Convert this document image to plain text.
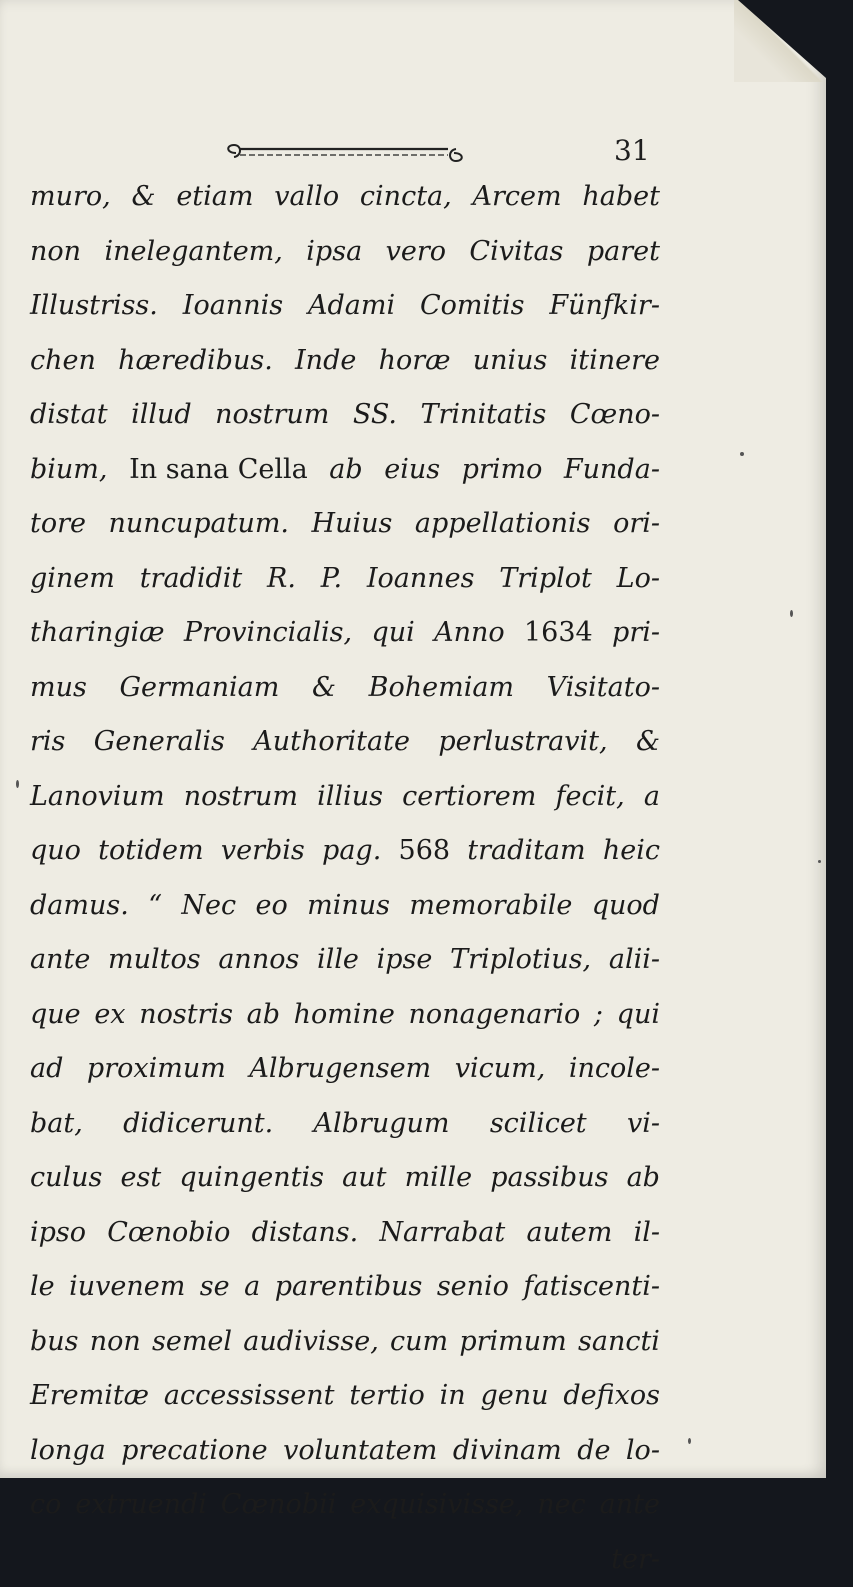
31
muro, & etiam vallo cincta, Arcem habet
non inelegantem, ipsa vero Civitas paret
Illustriss. Ioannis Adami Comitis Fünfkir-
chen hæredibus. Inde horæ unius itinere
distat illud nostrum SS. Trinitatis Cœno-
bium, In sana Cella ab eius primo Funda-
tore nuncupatum. Huius appellationis ori-
ginem tradidit R. P. Ioannes Triplot Lo-
tharingiæ Provincialis, qui Anno 1634 pri-
mus Germaniam & Bohemiam Visitato-
ris Generalis Authoritate perlustravit, &
Lanovium nostrum illius certiorem fecit, a
quo totidem verbis pag. 568 traditam heic
damus. “ Nec eo minus memorabile quod
ante multos annos ille ipse Triplotius, alii-
que ex nostris ab homine nonagenario ; qui
ad proximum Albrugensem vicum, incole-
bat, didicerunt. Albrugum scilicet vi-
culus est quingentis aut mille passibus ab
ipso Cœnobio distans. Narrabat autem il-
le iuvenem se a parentibus senio fatiscenti-
bus non semel audivisse, cum primum sancti
Eremitæ accessissent tertio in genu defixos
longa precatione voluntatem divinam de lo-
co extruendi Cœnobii exquisivisse, nec ante
ter-
